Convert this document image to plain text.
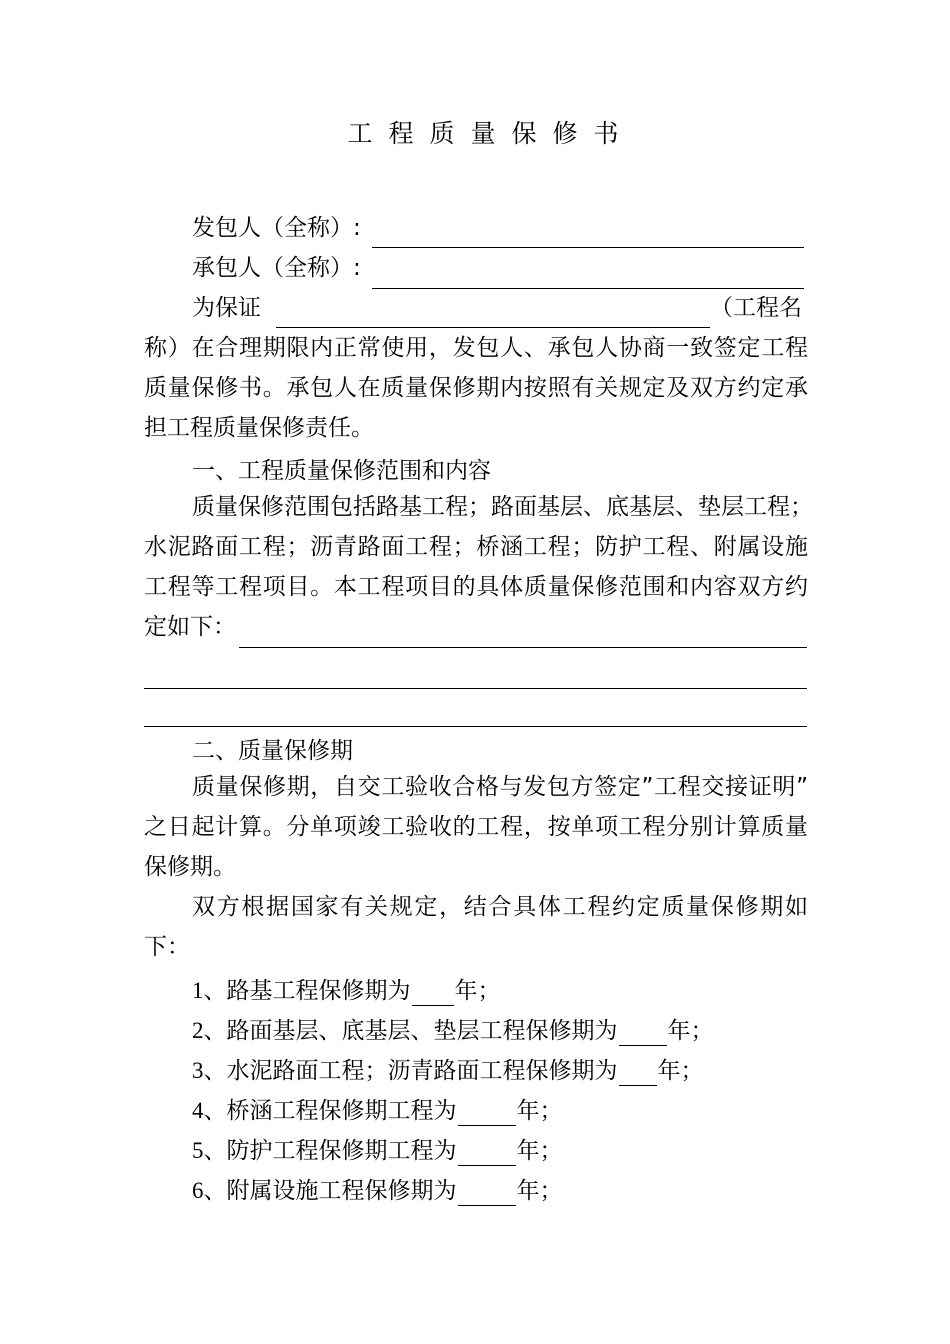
工程质量保修书
发包人（全称）:
承包人（全称）:
为保证	（工程名
称）在合理期限内正常使用，发包人、承包人协商一致签定工程
质量保修书。承包人在质量保修期内按照有关规定及双方约定承
担工程质量保修责任。
一、工程质量保修范围和内容
质量保修范围包括路基工程；路面基层、底基层、垫层工程；
水泥路面工程；沥青路面工程；桥涵工程；防护工程、附属设施
工程等工程项目。本工程项目的具体质量保修范围和内容双方约
定如下：
二、质量保修期
质量保修期，自交工验收合格与发包方签定”工程交接证明”
之日起计算。分单项竣工验收的工程，按单项工程分别计算质量
保修期。
双方根据国家有关规定，结合具体工程约定质量保修期如
下：
1、路基工程保修期为 年；
2、路面基层、底基层、垫层工程保修期为 年；
3、水泥路面工程；沥青路面工程保修期为 年；
4、桥涵工程保修期工程为	年；
5、防护工程保修期工程为	年；
6、附属设施工程保修期为	年；
